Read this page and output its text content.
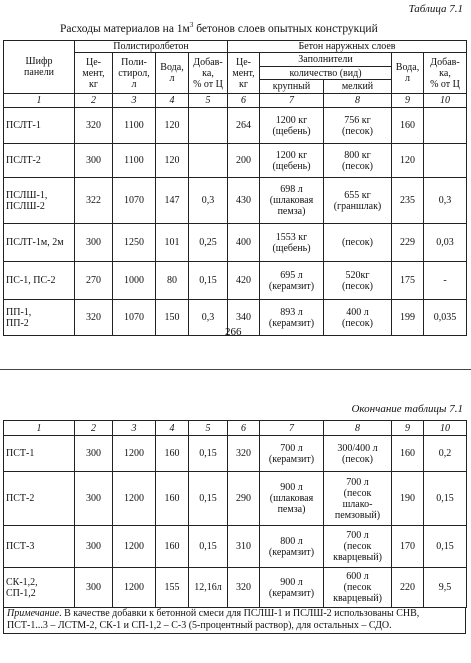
Таблица 7.1
Расходы материалов на $1м^3$ бетонов слоев опытных конструкций
Шифр
панели	Полистиролбетон				Бетон наружных слоев				

	Це-
мент,
кг	Поли-
стирол,
л	Вода,
л	Добав-
ка,
% от Ц	Це-
мент,
кг	Заполнители		Вода,
л	Добав-
ка,
% от Ц

						количество (вид)			
						крупный	мелкий		
1	2	3	4	5	6	7	8	9	10

ПСЛТ-1	320	1100	120		264	1200 кг
(щебень)	756 кг
(песок)	160	

ПСЛТ-2	300	1100	120		200	1200 кг
(щебень)	800 кг
(песок)	120	

ПСЛШ-1,
ПСЛШ-2	322	1070	147	0,3	430	698 л
(шлаковая
пемза)	655 кг
(граншлак)	235	0,3

ПСЛТ-1м, 2м	300	1250	101	0,25	400	1553 кг
(щебень)	(песок)	229	0,03

ПС-1, ПС-2	270	1000	80	0,15	420	695 л
(керамзит)	520кг
(песок)	175	-

ПП-1,
ПП-2	320	1070	150	0,3	340	893 л
(керамзит)	400 л
(песок)	199	0,035
266
Окончание таблицы 7.1
1	2	3	4	5	6	7	8	9	10

ПСТ-1	300	1200	160	0,15	320	700 л
(керамзит)	300/400 л
(песок)	160	0,2

ПСТ-2	300	1200	160	0,15	290	900 л
(шлаковая
пемза)	700 л
(песок
шлако-
пемзовый)	190	0,15

ПСТ-3	300	1200	160	0,15	310	800 л
(керамзит)	700 л
(песок
кварцевый)	170	0,15

СК-1,2,
СП-1,2	300	1200	155	12,16л	320	900 л
(керамзит)	600 л
(песок
кварцевый)	220	9,5
Примечание. В качестве добавки к бетонной смеси для ПСЛШ-1 и ПСЛШ-2 использованы СНВ, ПСТ-1...3 – ЛСТМ-2, СК-1 и СП-1,2 – С-3 (5-процентный раствор), для остальных – СДО.
